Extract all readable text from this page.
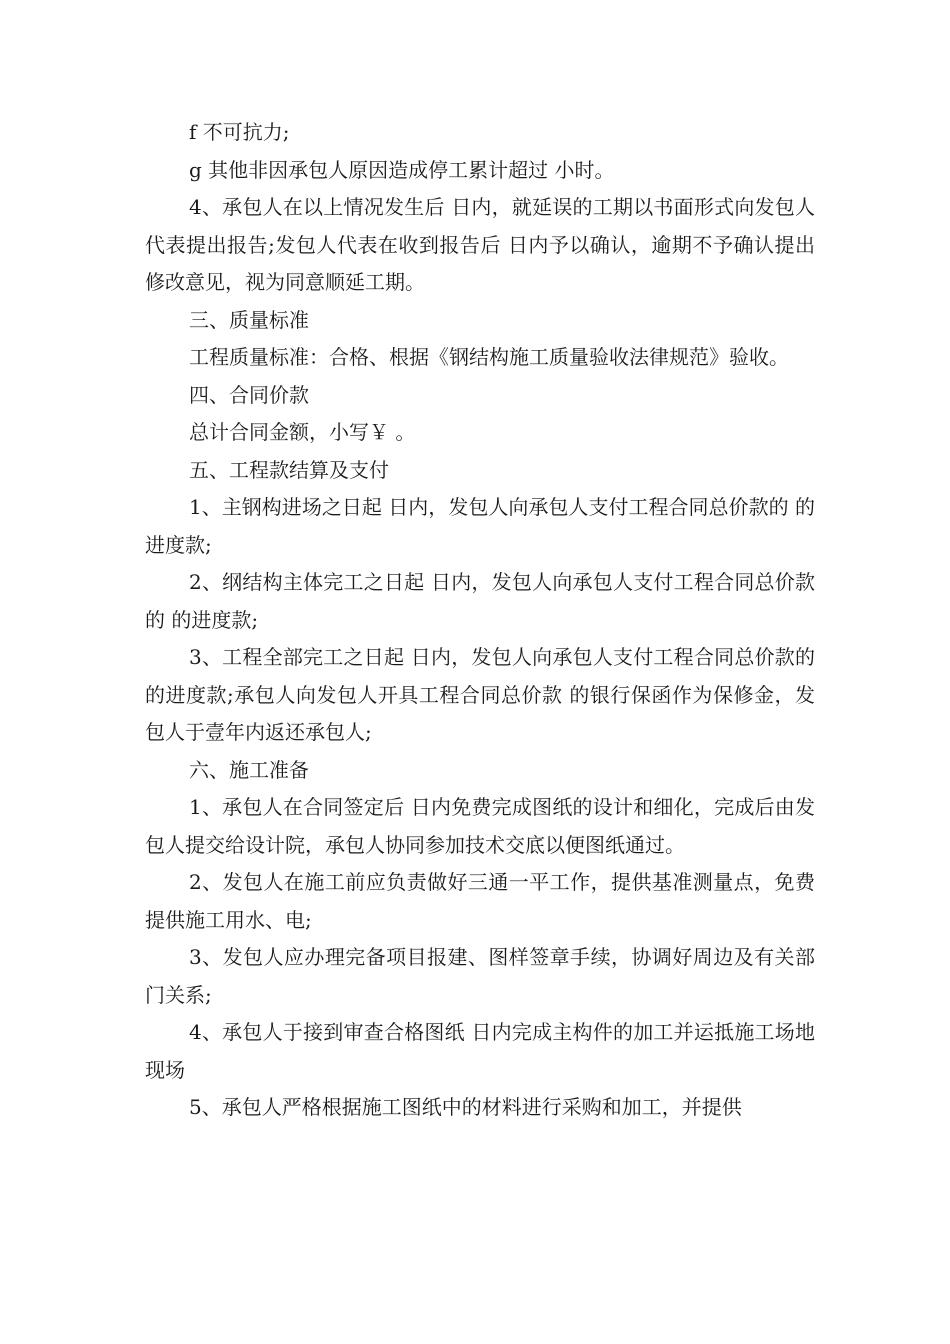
f 不可抗力;

g 其他非因承包人原因造成停工累计超过 小时。

4、承包人在以上情况发生后 日内，就延误的工期以书面形式向发包人代表提出报告;发包人代表在收到报告后 日内予以确认，逾期不予确认提出修改意见，视为同意顺延工期。

三、质量标准

工程质量标准：合格、根据《钢结构施工质量验收法律规范》验收。

四、合同价款

总计合同金额，小写￥ 。

五、工程款结算及支付

1、主钢构进场之日起 日内，发包人向承包人支付工程合同总价款的 的进度款;

2、纲结构主体完工之日起 日内，发包人向承包人支付工程合同总价款的 的进度款;

3、工程全部完工之日起 日内，发包人向承包人支付工程合同总价款的 的进度款;承包人向发包人开具工程合同总价款 的银行保函作为保修金，发包人于壹年内返还承包人;

六、施工准备

1、承包人在合同签定后 日内免费完成图纸的设计和细化，完成后由发包人提交给设计院，承包人协同参加技术交底以便图纸通过。

2、发包人在施工前应负责做好三通一平工作，提供基准测量点，免费提供施工用水、电;

3、发包人应办理完备项目报建、图样签章手续，协调好周边及有关部门关系;

4、承包人于接到审查合格图纸 日内完成主构件的加工并运抵施工场地现场

5、承包人严格根据施工图纸中的材料进行采购和加工，并提供
